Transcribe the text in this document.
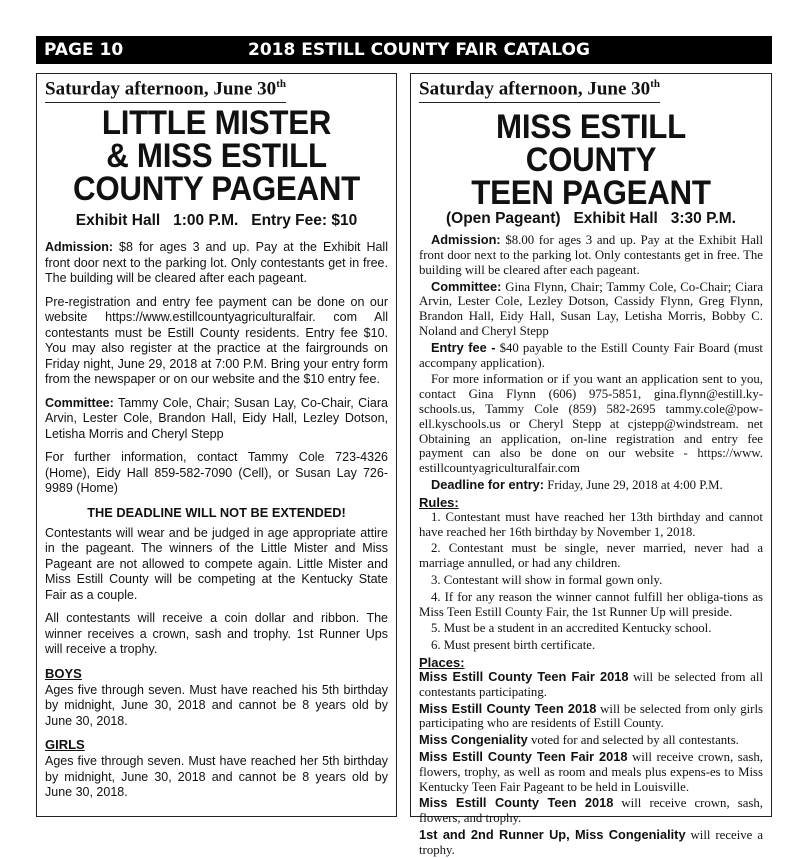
PAGE 10	2018 ESTILL COUNTY FAIR CATALOG
Saturday afternoon, June 30th
LITTLE MISTER
& MISS ESTILL
COUNTY PAGEANT
Exhibit Hall   1:00 P.M.   Entry Fee: $10

Admission: $8 for ages 3 and up. Pay at the Exhibit Hall front door next to the parking lot. Only contestants get in free. The building will be cleared after each pageant.

Pre-registration and entry fee payment can be done on our website https://www.estillcountyagriculturalfair. com All contestants must be Estill County residents. Entry fee $10. You may also register at the practice at the fairgrounds on Friday night, June 29, 2018 at 7:00 P.M. Bring your entry form from the newspaper or on our website and the $10 entry fee.

Committee: Tammy Cole, Chair; Susan Lay, Co-Chair, Ciara Arvin, Lester Cole, Brandon Hall, Eidy Hall, Lezley Dotson, Letisha Morris and Cheryl Stepp

For further information, contact Tammy Cole 723-4326 (Home), Eidy Hall 859-582-7090 (Cell), or Susan Lay 726-9989 (Home)

THE DEADLINE WILL NOT BE EXTENDED!

Contestants will wear and be judged in age appropriate attire in the pageant. The winners of the Little Mister and Miss Pageant are not allowed to compete again. Little Mister and Miss Estill County will be competing at the Kentucky State Fair as a couple.

All contestants will receive a coin dollar and ribbon. The winner receives a crown, sash and trophy. 1st Runner Ups will receive a trophy.

BOYS

Ages five through seven. Must have reached his 5th birthday by midnight, June 30, 2018 and cannot be 8 years old by June 30, 2018.

GIRLS

Ages five through seven. Must have reached her 5th birthday by midnight, June 30, 2018 and cannot be 8 years old by June 30, 2018.

Saturday afternoon, June 30th
MISS ESTILL COUNTY
TEEN PAGEANT
(Open Pageant)   Exhibit Hall   3:30 P.M.

Admission: $8.00 for ages 3 and up. Pay at the Exhibit Hall front door next to the parking lot. Only contestants get in free. The building will be cleared after each pageant.

Committee: Gina Flynn, Chair; Tammy Cole, Co-Chair; Ciara Arvin, Lester Cole, Lezley Dotson, Cassidy Flynn, Greg Flynn, Brandon Hall, Eidy Hall, Susan Lay, Letisha Morris, Bobby C. Noland and Cheryl Stepp

Entry fee - $40 payable to the Estill County Fair Board (must accompany application).

For more information or if you want an application sent to you, contact Gina Flynn (606) 975-5851, gina.flynn@estill.ky-schools.us, Tammy Cole (859) 582-2695 tammy.cole@pow-ell.kyschools.us or Cheryl Stepp at cjstepp@windstream. net Obtaining an application, on-line registration and entry fee payment can also be done on our website - https://www. estillcountyagriculturalfair.com

Deadline for entry: Friday, June 29, 2018 at 4:00 P.M.

Rules:

1. Contestant must have reached her 13th birthday and cannot have reached her 16th birthday by November 1, 2018.

2. Contestant must be single, never married, never had a marriage annulled, or had any children.

3. Contestant will show in formal gown only.

4. If for any reason the winner cannot fulfill her obliga-tions as Miss Teen Estill County Fair, the 1st Runner Up will preside.

5. Must be a student in an accredited Kentucky school.

6. Must present birth certificate.

Places:

Miss Estill County Teen Fair 2018 will be selected from all contestants participating.

Miss Estill County Teen 2018 will be selected from only girls participating who are residents of Estill County.

Miss Congeniality voted for and selected by all contestants.

Miss Estill County Teen Fair 2018 will receive crown, sash, flowers, trophy, as well as room and meals plus expens-es to Miss Kentucky Teen Fair Pageant to be held in Louisville.

Miss Estill County Teen 2018 will receive crown, sash, flowers, and trophy.

1st and 2nd Runner Up, Miss Congeniality will receive a trophy.
